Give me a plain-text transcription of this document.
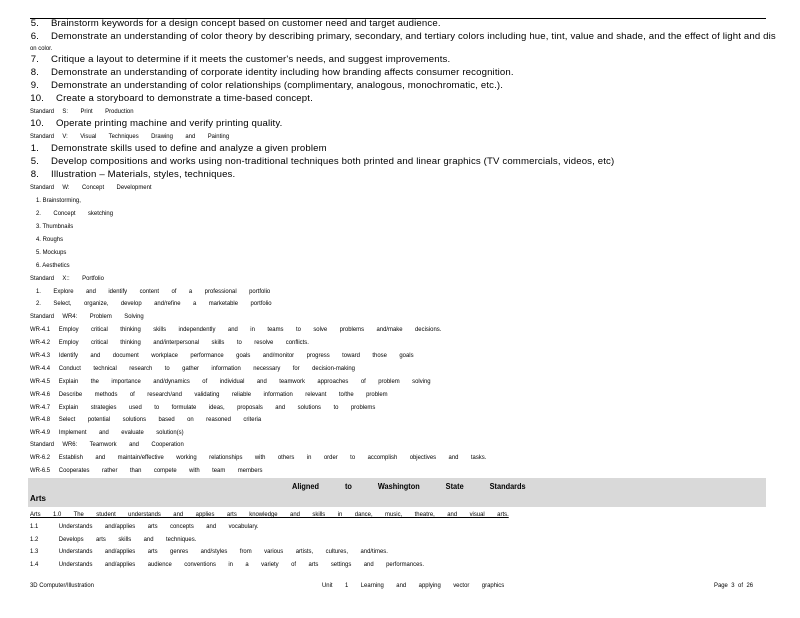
5. Brainstorm keywords for a design concept based on customer need and target audience.
6. Demonstrate an understanding of color theory by describing primary, secondary, and tertiary colors including hue, tint, value and shade, and the effect of light and dis
on color.
7. Critique a layout to determine if it meets the customer's needs, and suggest improvements.
8. Demonstrate an understanding of corporate identity including how branding affects consumer recognition.
9. Demonstrate an understanding of color relationships (complimentary, analogous, monochromatic, etc.).
10. Create a storyboard to demonstrate a time-based concept.
Standard S: Print Production
10. Operate printing machine and verify printing quality.
Standard V: Visual Techniques Drawing and Painting
1. Demonstrate skills used to define and analyze a given problem
5. Develop compositions and works using non-traditional techniques both printed and linear graphics (TV commercials, videos, etc)
8. Illustration – Materials, styles, techniques.
Standard W: Concept Development
1. Brainstorming,
2. Concept sketching
3. Thumbnails
4. Roughs
5. Mockups
6. Aesthetics
Standard X:: Portfolio
1. Explore and identify content of a professional portfolio
2. Select, organize, develop and/refine a marketable portfolio
Standard WR4: Problem Solving
WR-4.1 Employ critical thinking skills independently and in teams to solve problems and/make decisions.
WR-4.2 Employ critical thinking and/interpersonal skills to resolve conflicts.
WR-4.3 Identify and document workplace performance goals and/monitor progress toward those goals
WR-4.4 Conduct technical research to gather information necessary for decision-making
WR-4.5 Explain the importance and/dynamics of individual and teamwork approaches of problem solving
WR-4.6 Describe methods of research/and validating reliable information relevant to/the problem
WR-4.7 Explain strategies used to formulate ideas, proposals and solutions to problems
WR-4.8 Select potential solutions based on reasoned criteria
WR-4.9 Implement and evaluate solution(s)
Standard WR6: Teamwork and Cooperation
WR-6.2 Establish and maintain/effective working relationships with others in order to accomplish objectives and tasks.
WR-6.5 Cooperates rather than compete with team members
Aligned to Washington State Standards
Arts
Arts 1.0 The student understands and applies arts knowledge and skills in dance, music, theatre, and visual arts.
1.1	Understands and/applies arts concepts and vocabulary.
1.2	Develops arts skills and techniques.
1.3	Understands and/applies arts genres and/styles from various artists, cultures, and/times.
1.4	Understands and/applies audience conventions in a variety of arts settings and performances.
3D Computer/Illustration	Unit 1 Learning and applying vector graphics	Page 3 of 26
